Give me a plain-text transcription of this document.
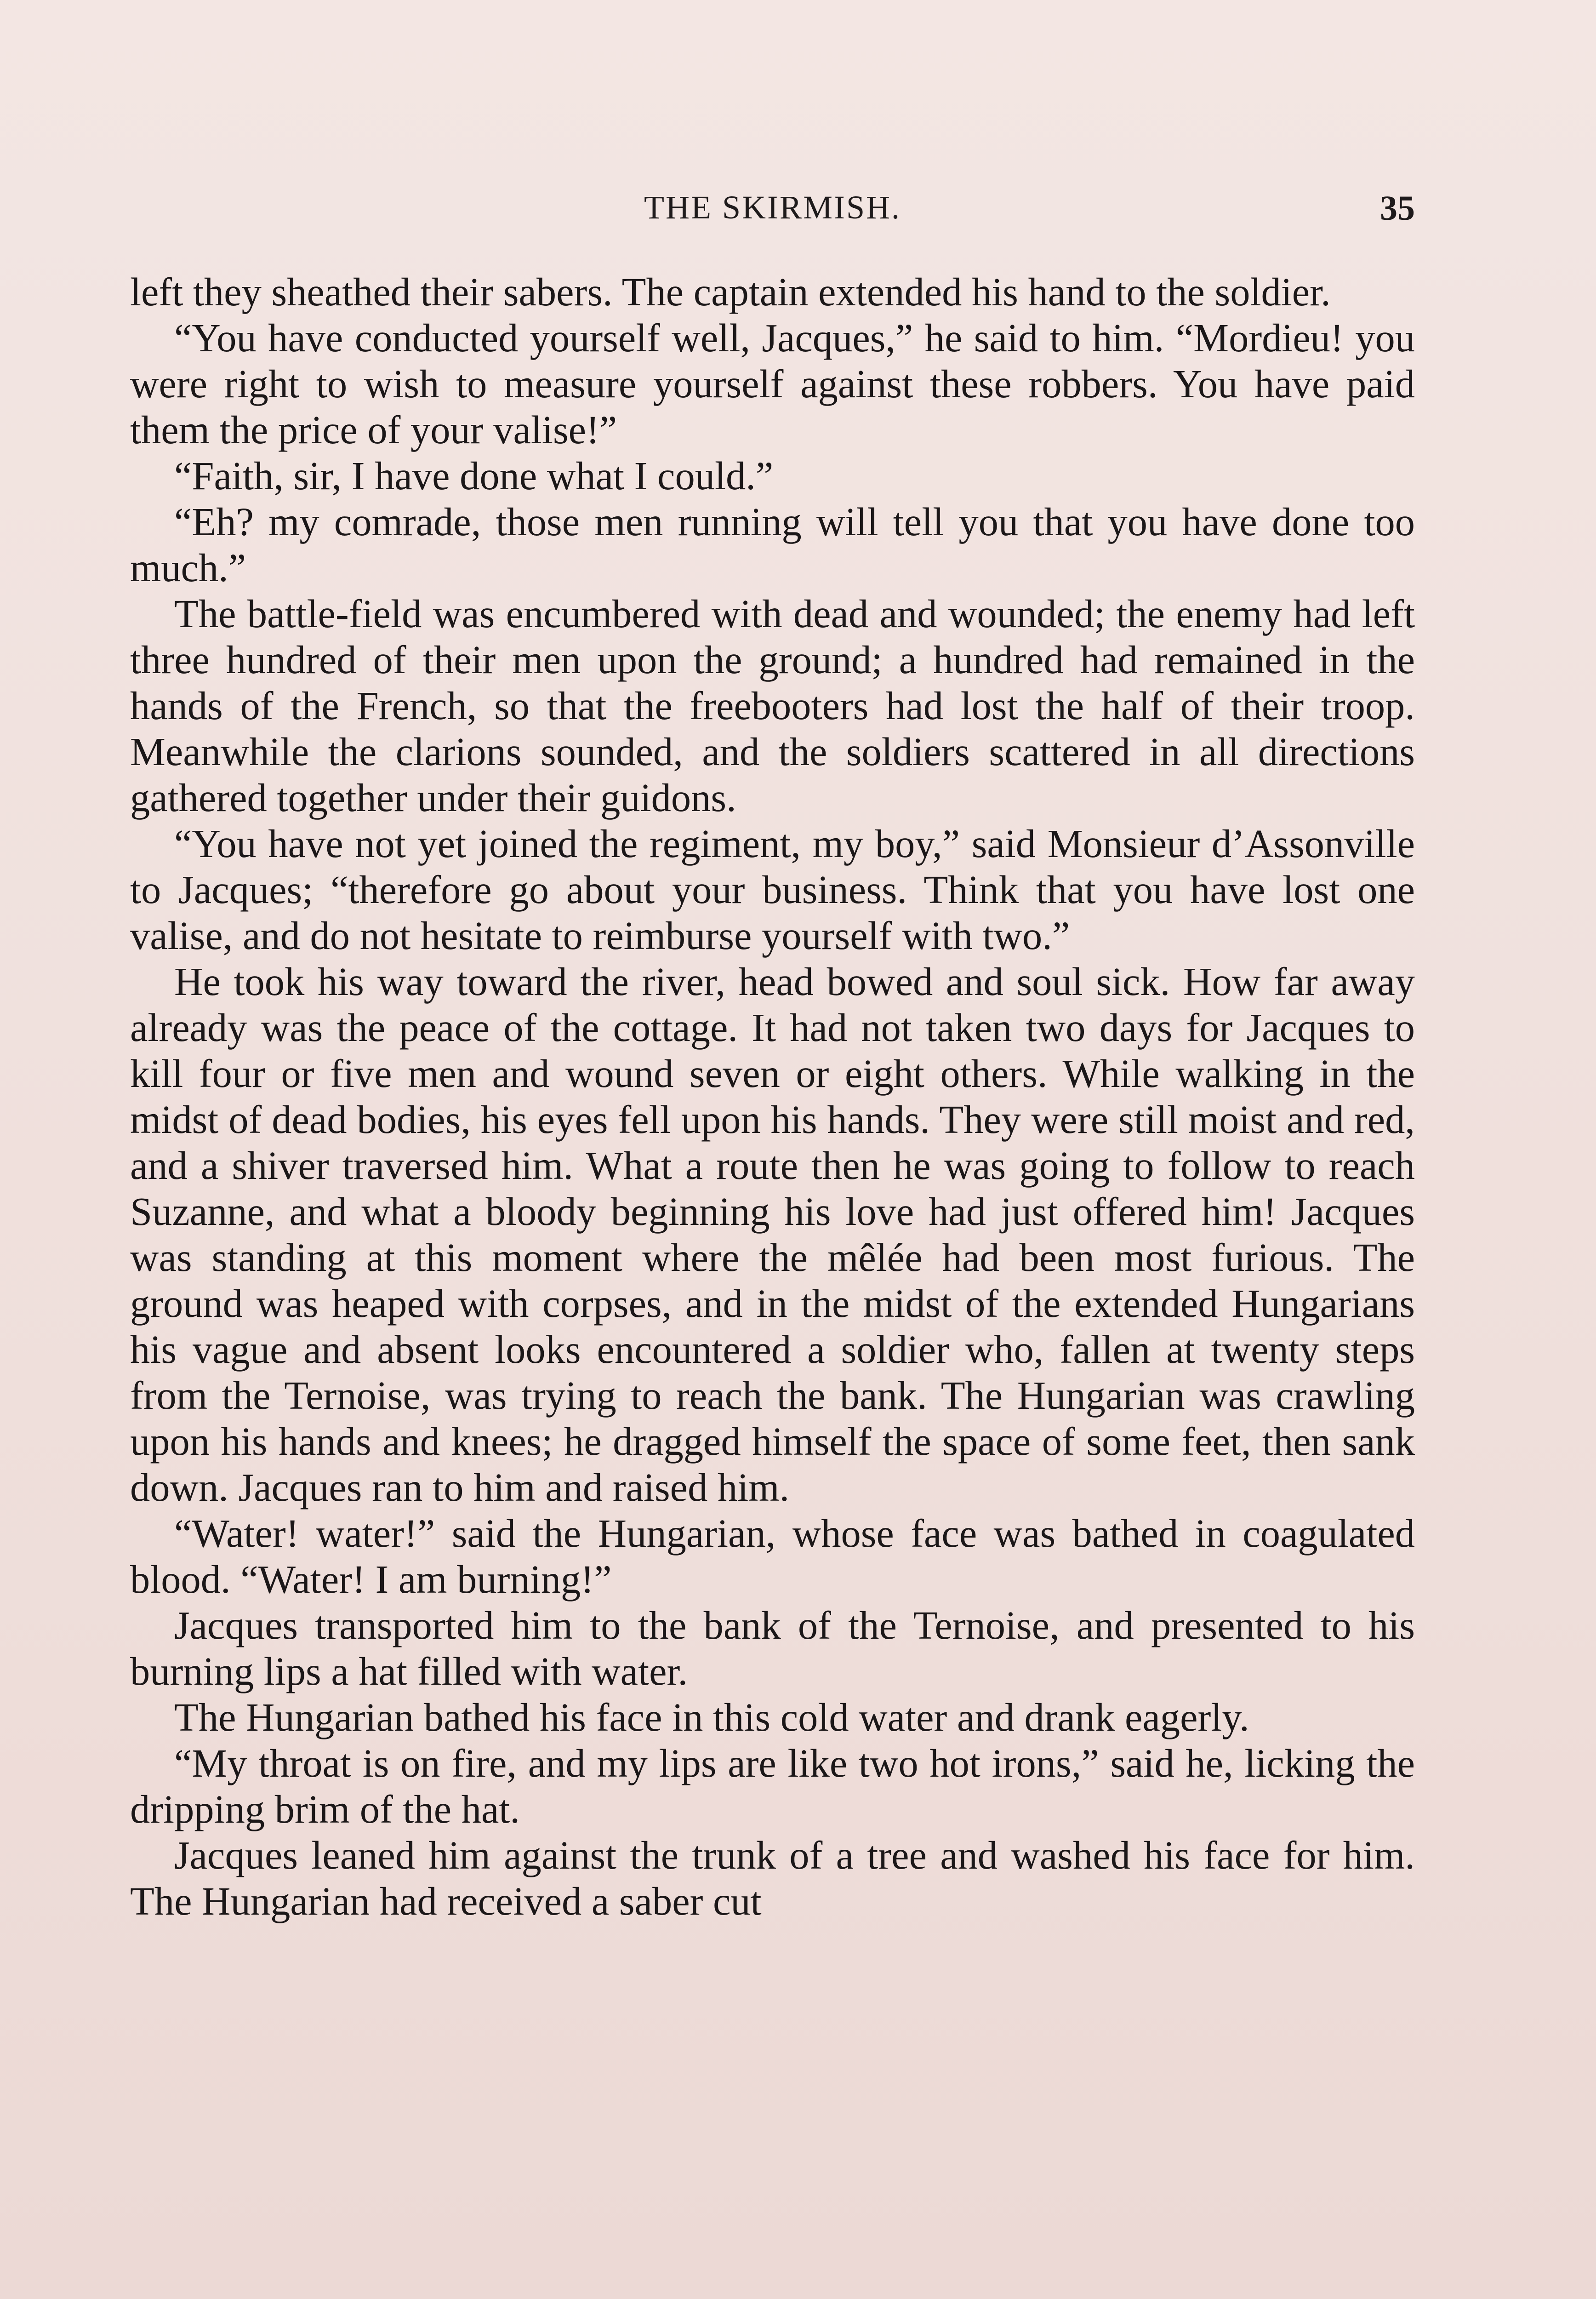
THE SKIRMISH.	35

left they sheathed their sabers. The captain extended his hand to the soldier.

“You have conducted yourself well, Jacques,” he said to him. “Mordieu! you were right to wish to measure yourself against these robbers. You have paid them the price of your valise!”

“Faith, sir, I have done what I could.”

“Eh? my comrade, those men running will tell you that you have done too much.”

The battle-field was encumbered with dead and wounded; the enemy had left three hundred of their men upon the ground; a hundred had remained in the hands of the French, so that the freebooters had lost the half of their troop. Meanwhile the clarions sounded, and the soldiers scattered in all directions gathered together under their guidons.

“You have not yet joined the regiment, my boy,” said Monsieur d’Assonville to Jacques; “therefore go about your business. Think that you have lost one valise, and do not hesitate to reimburse yourself with two.”

He took his way toward the river, head bowed and soul sick. How far away already was the peace of the cottage. It had not taken two days for Jacques to kill four or five men and wound seven or eight others. While walking in the midst of dead bodies, his eyes fell upon his hands. They were still moist and red, and a shiver traversed him. What a route then he was going to follow to reach Suzanne, and what a bloody beginning his love had just offered him! Jacques was standing at this moment where the mêlée had been most furious. The ground was heaped with corpses, and in the midst of the extended Hungarians his vague and absent looks encountered a soldier who, fallen at twenty steps from the Ternoise, was trying to reach the bank. The Hungarian was crawling upon his hands and knees; he dragged himself the space of some feet, then sank down. Jacques ran to him and raised him.

“Water! water!” said the Hungarian, whose face was bathed in coagulated blood. “Water! I am burning!”

Jacques transported him to the bank of the Ternoise, and presented to his burning lips a hat filled with water.

The Hungarian bathed his face in this cold water and drank eagerly.

“My throat is on fire, and my lips are like two hot irons,” said he, licking the dripping brim of the hat.

Jacques leaned him against the trunk of a tree and washed his face for him. The Hungarian had received a saber cut
